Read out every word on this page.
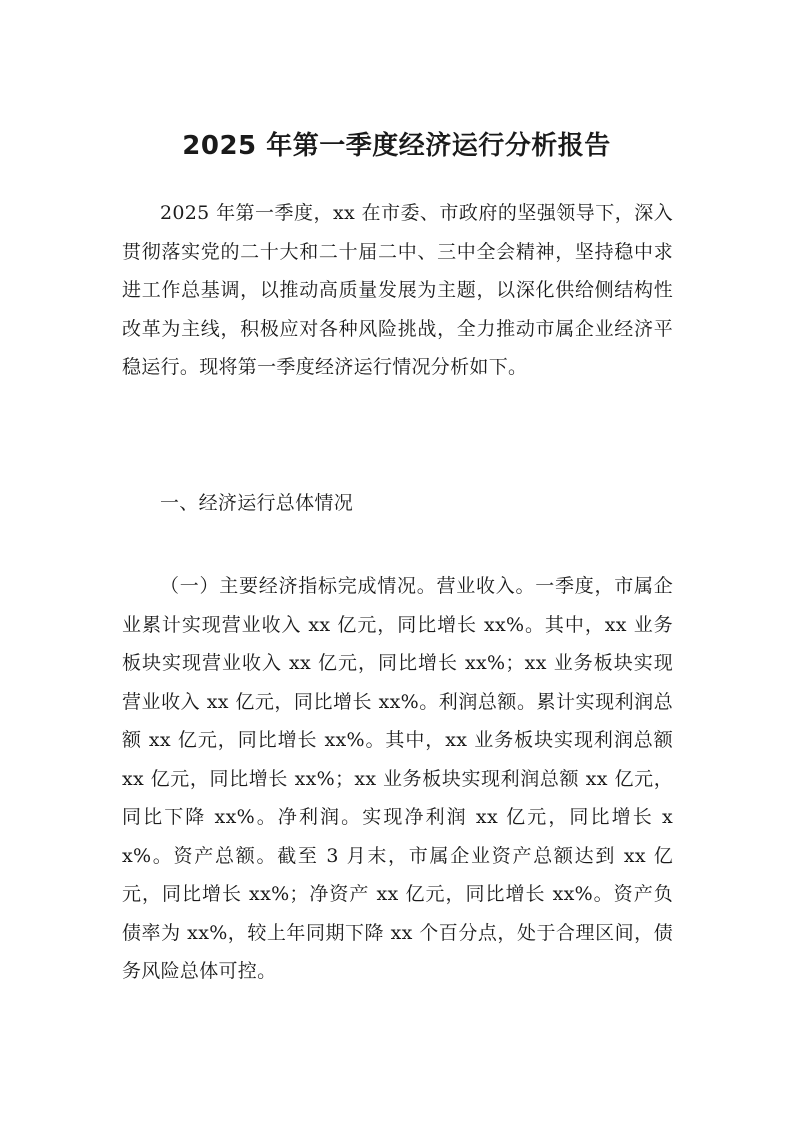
2025 年第一季度经济运行分析报告

2025 年第一季度，xx 在市委、市政府的坚强领导下，深入贯彻落实党的二十大和二十届二中、三中全会精神，坚持稳中求进工作总基调，以推动高质量发展为主题，以深化供给侧结构性改革为主线，积极应对各种风险挑战，全力推动市属企业经济平稳运行。现将第一季度经济运行情况分析如下。

一、经济运行总体情况

（一）主要经济指标完成情况。营业收入。一季度，市属企业累计实现营业收入 xx 亿元，同比增长 xx%。其中，xx 业务板块实现营业收入 xx 亿元，同比增长 xx%；xx 业务板块实现营业收入 xx 亿元，同比增长 xx%。利润总额。累计实现利润总额 xx 亿元，同比增长 xx%。其中，xx 业务板块实现利润总额 xx 亿元，同比增长 xx%；xx 业务板块实现利润总额 xx 亿元，同比下降 xx%。净利润。实现净利润 xx 亿元，同比增长 xx%。资产总额。截至 3 月末，市属企业资产总额达到 xx 亿元，同比增长 xx%；净资产 xx 亿元，同比增长 xx%。资产负债率为 xx%，较上年同期下降 xx 个百分点，处于合理区间，债务风险总体可控。
